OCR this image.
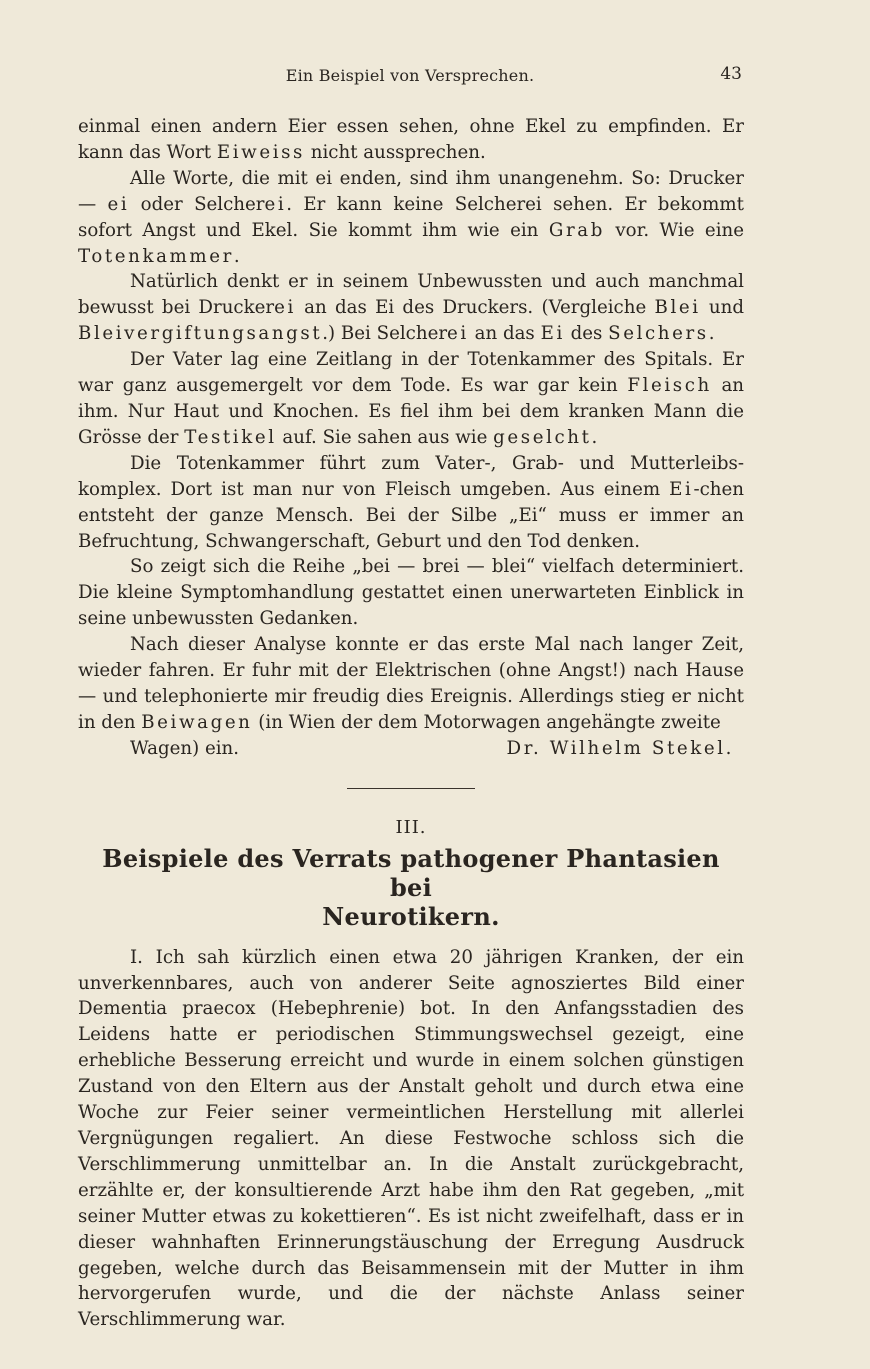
Ein Beispiel von Versprechen.	43

einmal einen andern Eier essen sehen, ohne Ekel zu empfinden. Er kann das Wort Eiweiss nicht aussprechen.

Alle Worte, die mit ei enden, sind ihm unangenehm. So: Drucker— ei oder Selcherei. Er kann keine Selcherei sehen. Er bekommt sofort Angst und Ekel. Sie kommt ihm wie ein Grab vor. Wie eine Totenkammer.

Natürlich denkt er in seinem Unbewussten und auch manchmal bewusst bei Druckerei an das Ei des Druckers. (Vergleiche Blei und Bleivergiftungsangst.) Bei Selcherei an das Ei des Selchers.

Der Vater lag eine Zeitlang in der Totenkammer des Spitals. Er war ganz ausgemergelt vor dem Tode. Es war gar kein Fleisch an ihm. Nur Haut und Knochen. Es fiel ihm bei dem kranken Mann die Grösse der Testikel auf. Sie sahen aus wie geselcht.

Die Totenkammer führt zum Vater-, Grab- und Mutterleibs-komplex. Dort ist man nur von Fleisch umgeben. Aus einem Ei-chen entsteht der ganze Mensch. Bei der Silbe „Ei“ muss er immer an Befruchtung, Schwangerschaft, Geburt und den Tod denken.

So zeigt sich die Reihe „bei — brei — blei“ vielfach determiniert. Die kleine Symptomhandlung gestattet einen unerwarteten Einblick in seine unbewussten Gedanken.

Nach dieser Analyse konnte er das erste Mal nach langer Zeit, wieder fahren. Er fuhr mit der Elektrischen (ohne Angst!) nach Hause — und telephonierte mir freudig dies Ereignis. Allerdings stieg er nicht in den Beiwagen (in Wien der dem Motorwagen angehängte zweite

Wagen) ein.	Dr. Wilhelm Stekel.

III.
Beispiele des Verrats pathogener Phantasien bei
Neurotikern.

I. Ich sah kürzlich einen etwa 20 jährigen Kranken, der ein unverkennbares, auch von anderer Seite agnosziertes Bild einer Dementia praecox (Hebephrenie) bot. In den Anfangsstadien des Leidens hatte er periodischen Stimmungswechsel gezeigt, eine erhebliche Besserung erreicht und wurde in einem solchen günstigen Zustand von den Eltern aus der Anstalt geholt und durch etwa eine Woche zur Feier seiner vermeintlichen Herstellung mit allerlei Vergnügungen regaliert. An diese Festwoche schloss sich die Verschlimmerung unmittelbar an. In die Anstalt zurückgebracht, erzählte er, der konsultierende Arzt habe ihm den Rat gegeben, „mit seiner Mutter etwas zu kokettieren“. Es ist nicht zweifelhaft, dass er in dieser wahnhaften Erinnerungstäuschung der Erregung Ausdruck gegeben, welche durch das Beisammensein mit der Mutter in ihm hervorgerufen wurde, und die der nächste Anlass seiner Verschlimmerung war.
